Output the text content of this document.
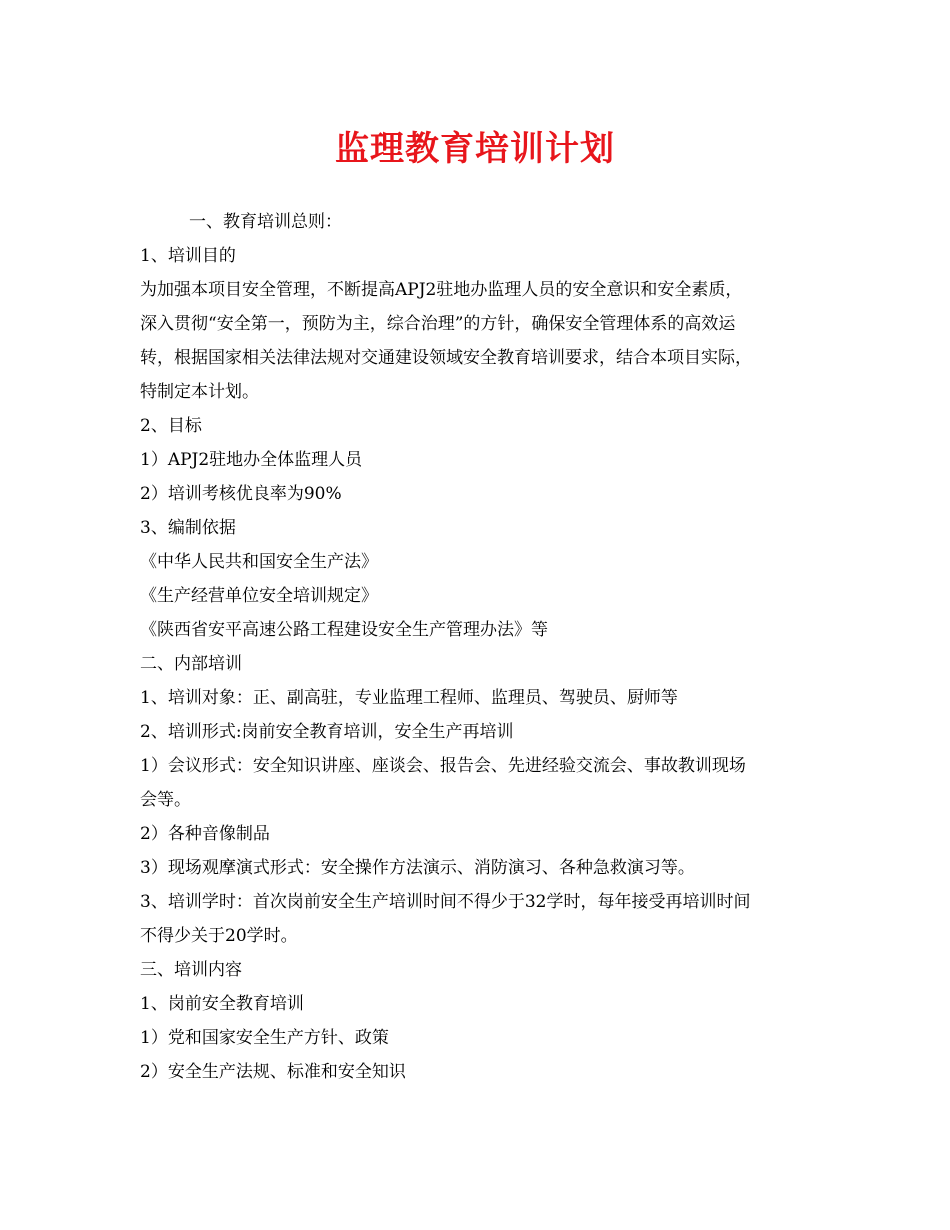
监理教育培训计划

一、教育培训总则：

1、培训目的

为加强本项目安全管理，不断提高APJ2驻地办监理人员的安全意识和安全素质，

深入贯彻“安全第一，预防为主，综合治理”的方针，确保安全管理体系的高效运

转，根据国家相关法律法规对交通建设领域安全教育培训要求，结合本项目实际，

特制定本计划。

2、目标

1）APJ2驻地办全体监理人员

2）培训考核优良率为90%

3、编制依据

《中华人民共和国安全生产法》

《生产经营单位安全培训规定》

《陕西省安平高速公路工程建设安全生产管理办法》等

二、内部培训

1、培训对象：正、副高驻，专业监理工程师、监理员、驾驶员、厨师等

2、培训形式:岗前安全教育培训，安全生产再培训

1）会议形式：安全知识讲座、座谈会、报告会、先进经验交流会、事故教训现场

会等。

2）各种音像制品

3）现场观摩演式形式：安全操作方法演示、消防演习、各种急救演习等。

3、培训学时：首次岗前安全生产培训时间不得少于32学时，每年接受再培训时间

不得少关于20学时。

三、培训内容

1、岗前安全教育培训

1）党和国家安全生产方针、政策

2）安全生产法规、标准和安全知识
